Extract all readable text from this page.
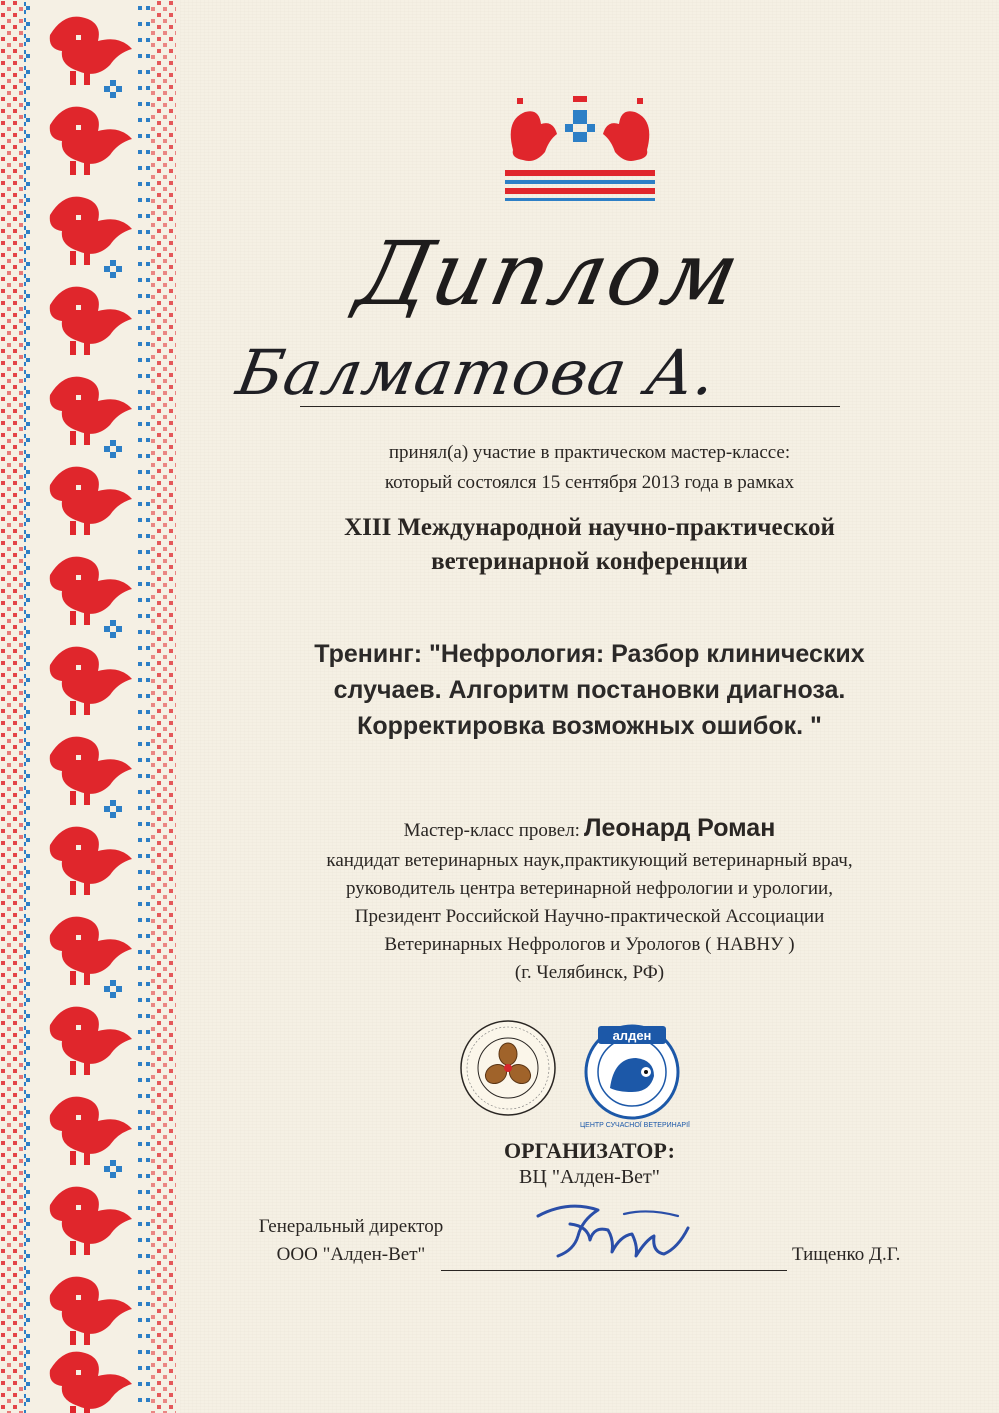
Диплом
Балматова А.
принял(а) участие в практическом мастер-классе:
который состоялся 15 сентября 2013 года в рамках
XIII Международной научно-практической
ветеринарной конференции
Тренинг: "Нефрология: Разбор клинических
случаев. Алгоритм постановки диагноза.
Корректировка возможных ошибок. "
Мастер-класс провел: Леонард Роман
кандидат ветеринарных наук,практикующий ветеринарный врач,
руководитель центра ветеринарной нефрологии и урологии,
Президент Российской Научно-практической Ассоциации
Ветеринарных Нефрологов и Урологов ( НАВНУ )
(г. Челябинск, РФ)
алден
ЦЕНТР СУЧАСНОЇ ВЕТЕРИНАРІЇ
ОРГАНИЗАТОР:
ВЦ "Алден-Вет"
Генеральный директор
ООО "Алден-Вет"	Тищенко Д.Г.
